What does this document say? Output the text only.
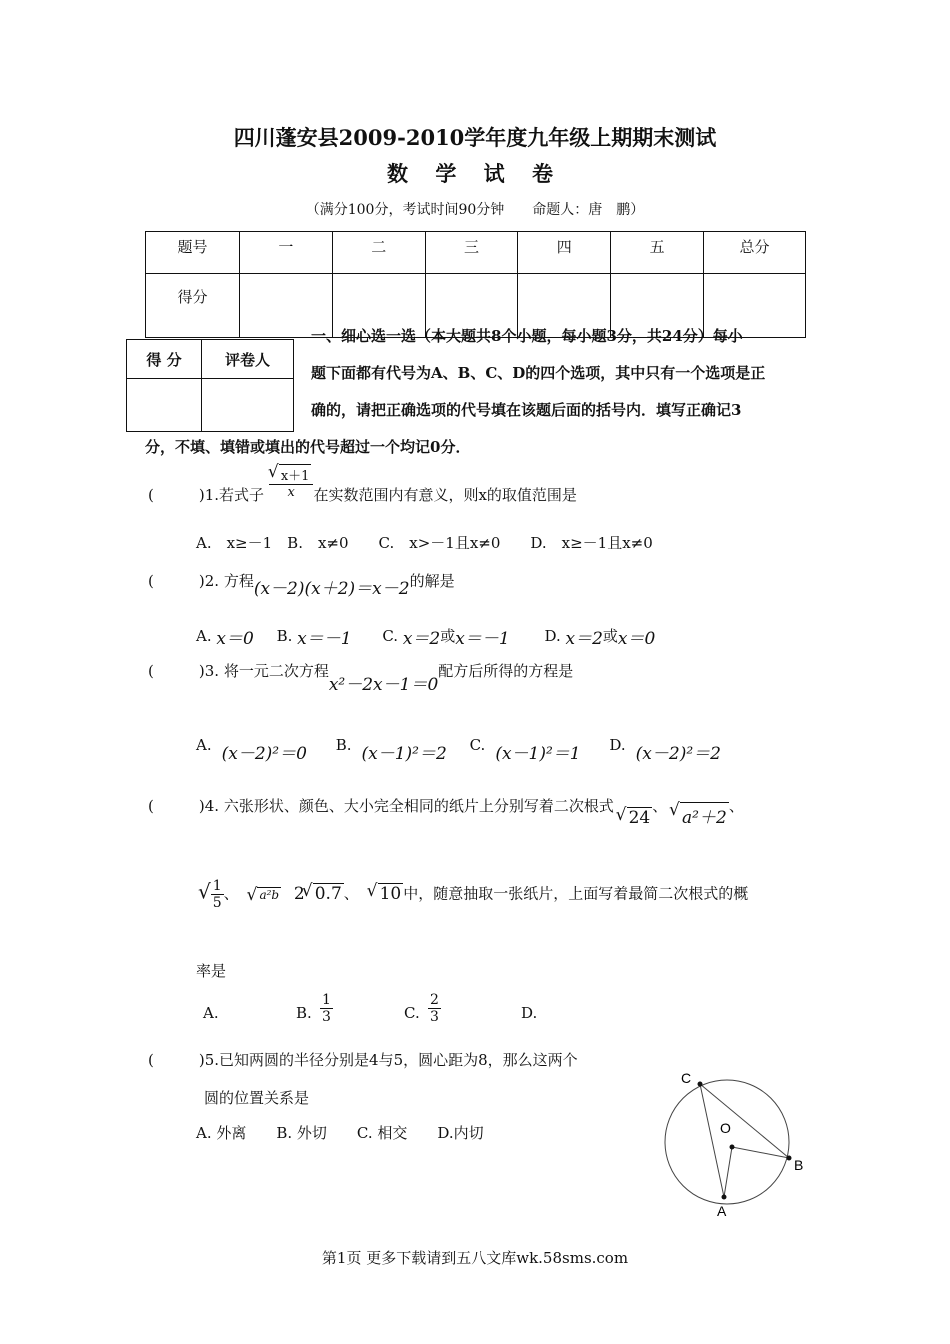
四川蓬安县2009-2010学年度九年级上期期末测试
数 学 试 卷
（满分100分，考试时间90分钟　　命题人：唐　鹏）
题号	一	二	三	四	五	总分
得分						
得 分	评卷人

一、细心选一选（本大题共8个小题，每小题3分，共24分）每小
题下面都有代号为A、B、C、D的四个选项，其中只有一个选项是正
确的，请把正确选项的代号填在该题后面的括号内．填写正确记3
分，不填、填错或填出的代号超过一个均记0分．
(　　　)1.若式子 √ $\frac{x+1}{x}$ 在实数范围内有意义，则x的取值范围是
A.　x≥－1　B.　x≠0　　C.　x>－1且x≠0　　D.　x≥－1且x≠0
(　　　)2. 方程(x－2)(x＋2)＝x－2的解是
A. x＝0 B. x＝－1 C. x＝2或x＝－1 D. x＝2或x＝0
(　　　)3. 将一元二次方程x²－2x－1＝0配方后所得的方程是
A. (x－2)²＝0 B. (x－1)²＝2 C. (x－1)²＝1 D. (x－2)²＝2
(　　　)4. 六张形状、颜色、大小完全相同的纸片上分别写着二次根式 √ 24、 √ a²＋2、
√ $\frac{1}{5}$ 、 √ a²b 2 √ 0.7 、 √ 10 中，随意抽取一张纸片，上面写着最简二次根式的概
率是
A.	B. $\frac{1}{3}$	C. $\frac{2}{3}$	D.
(　　　)5.已知两圆的半径分别是4与5，圆心距为8，那么这两个
圆的位置关系是
A. 外离　　B. 外切　　C. 相交　　D.内切
C
O
B
A
第1页 更多下载请到五八文库wk.58sms.com
